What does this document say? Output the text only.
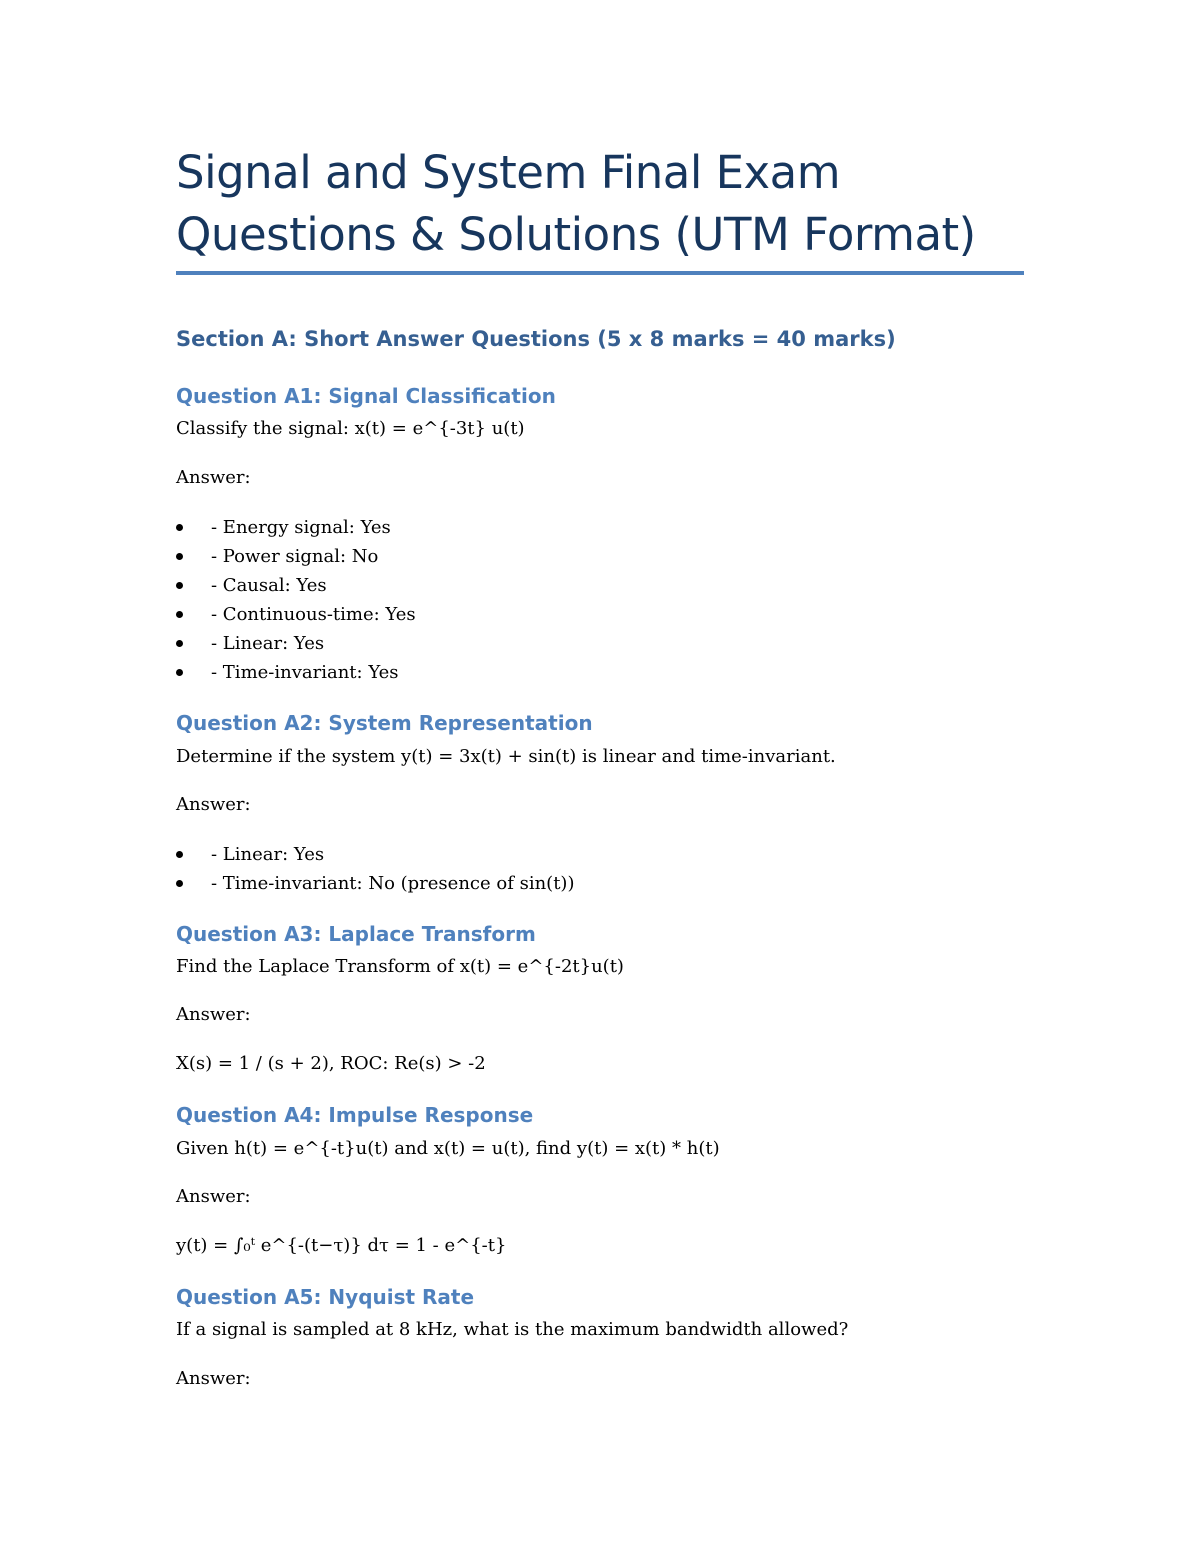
Signal and System Final Exam Questions & Solutions (UTM Format)
Section A: Short Answer Questions (5 x 8 marks = 40 marks)
Question A1: Signal Classification

Classify the signal: x(t) = e^{-3t} u(t)

Answer:

- Energy signal: Yes
- Power signal: No
- Causal: Yes
- Continuous-time: Yes
- Linear: Yes
- Time-invariant: Yes
Question A2: System Representation

Determine if the system y(t) = 3x(t) + sin(t) is linear and time-invariant.

Answer:

- Linear: Yes
- Time-invariant: No (presence of sin(t))
Question A3: Laplace Transform

Find the Laplace Transform of x(t) = e^{-2t}u(t)

Answer:

X(s) = 1 / (s + 2), ROC: Re(s) > -2

Question A4: Impulse Response

Given h(t) = e^{-t}u(t) and x(t) = u(t), find y(t) = x(t) * h(t)

Answer:

y(t) = ∫₀ᵗ e^{-(t−τ)} dτ = 1 - e^{-t}

Question A5: Nyquist Rate

If a signal is sampled at 8 kHz, what is the maximum bandwidth allowed?

Answer:
